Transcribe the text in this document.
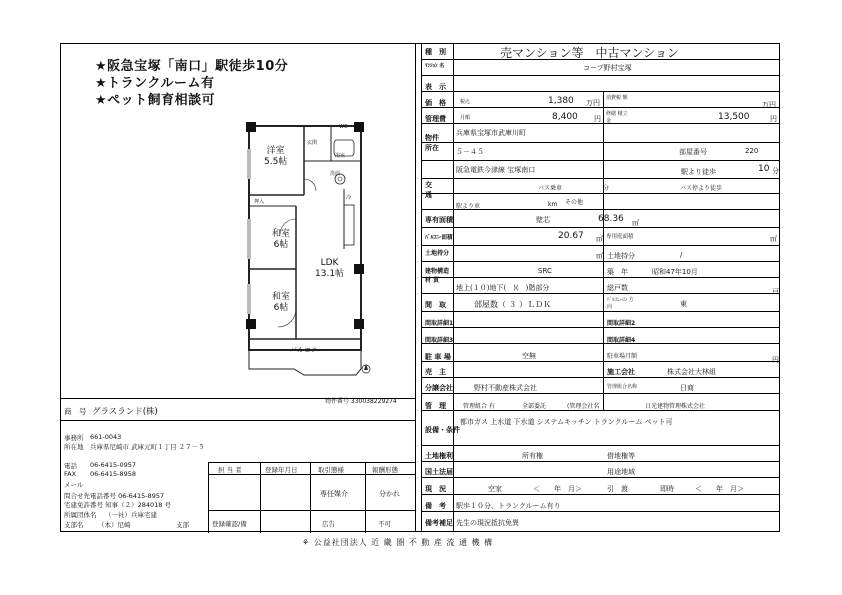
★阪急宝塚「南口」駅徒歩10分
★トランクルーム有
★ペット飼育相談可
洋室
5.5帖
和室
6帖
和室
6帖
LDK
13.1帖
バルコニー
押入
玄関
WC
浴室
洗面
冷
物件番号 330038229274
商　号 グラスランド(株)
事務所 661-0043
所在地 兵庫県尼崎市 武庫元町１丁目 ２７－５
電話 06-6415-0957
FAX 06-6415-8958
メール
問合せ先電話番号 06-6415-8957
宅建免許番号 知事（２）284018 号
所属団体名 （一社）兵庫宅建
支部名 （本）尼崎　　　　　　　支部
担 当 者	登録年月日	取引態様	報酬形態
専任媒介	分かれ
登録確認/備	広告	不可
種　別	売マンション等　中古マンション
ﾏﾝｼｮﾝ 名	コープ野村宝塚
表　示
価　格	税込	1,380 万円
消費税 額
万円
管理費	月額	8,400 円
修繕 積立金	13,500	円
物件 所在
兵庫県宝塚市武庫川町
５－４５	部屋番号	220
交 通
阪急電鉄今津線 宝塚南口	駅より徒歩	10 分
バス乗車	分	バス停より徒歩
駅より車	km その他
専有面積	壁芯	68.36 ㎡
ﾊﾞﾙｺﾆｰ面積	20.67 ㎡ 専用庭面積	㎡
土地持分	㎡ 土地持分	/
建物構造 材 質
SRC	築　年	昭和47年10月
地上(１０)地下(　)(　)階部分	総戸数	戸
間　取	部屋数（ ３ ）ＬＤＫ	ﾊﾞﾙｺﾆｰの 方向	東
間取詳細1	間取詳細2
間取詳細3	間取詳細4
駐 車 場	空無	駐車場月額	円
売　主	施工会社	株式会社大林組
分譲会社	野村不動産株式会社	管理組合名称	日商
管　理	管理組合 有	全部委託	(管理会社名	日光建物管理株式会社
設備・条件
都市ガス 上水道 下水道 システムキッチン トランクルーム ペット可
土地権利	所有権	借地権等
国土法届	用途地域
現　況	空家	＜　　年　月＞	引　渡	即時	＜　　年　月＞
備　考 駅歩１０分、トランクルーム有り
備考補足 先生の現況抵抗免異
⚘ 公益社団法人 近 畿 圏 不 動 産 流 通 機 構
